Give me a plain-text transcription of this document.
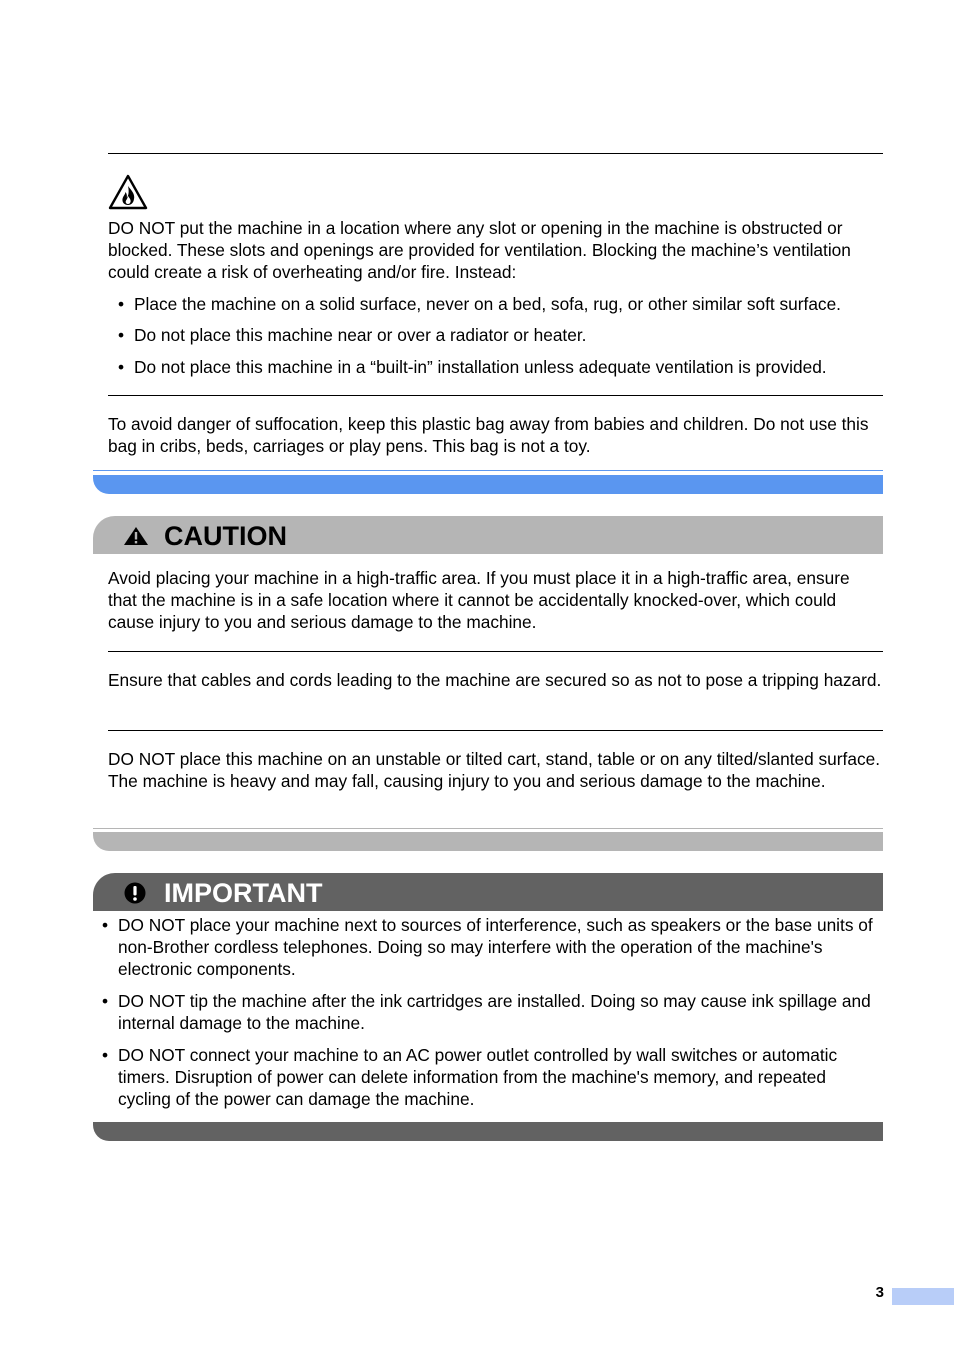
DO NOT put the machine in a location where any slot or opening in the machine is obstructed or blocked. These slots and openings are provided for ventilation. Blocking the machine’s ventilation could create a risk of overheating and/or fire. Instead:

• Place the machine on a solid surface, never on a bed, sofa, rug, or other similar soft surface.
• Do not place this machine near or over a radiator or heater.
• Do not place this machine in a “built-in” installation unless adequate ventilation is provided.

To avoid danger of suffocation, keep this plastic bag away from babies and children. Do not use this bag in cribs, beds, carriages or play pens. This bag is not a toy.

CAUTION

Avoid placing your machine in a high-traffic area. If you must place it in a high-traffic area, ensure that the machine is in a safe location where it cannot be accidentally knocked-over, which could cause injury to you and serious damage to the machine.

Ensure that cables and cords leading to the machine are secured so as not to pose a tripping hazard.

DO NOT place this machine on an unstable or tilted cart, stand, table or on any tilted/slanted surface. The machine is heavy and may fall, causing injury to you and serious damage to the machine.

IMPORTANT
• DO NOT place your machine next to sources of interference, such as speakers or the base units of non-Brother cordless telephones. Doing so may interfere with the operation of the machine's electronic components.
• DO NOT tip the machine after the ink cartridges are installed. Doing so may cause ink spillage and internal damage to the machine.
• DO NOT connect your machine to an AC power outlet controlled by wall switches or automatic timers. Disruption of power can delete information from the machine's memory, and repeated cycling of the power can damage the machine.
3
